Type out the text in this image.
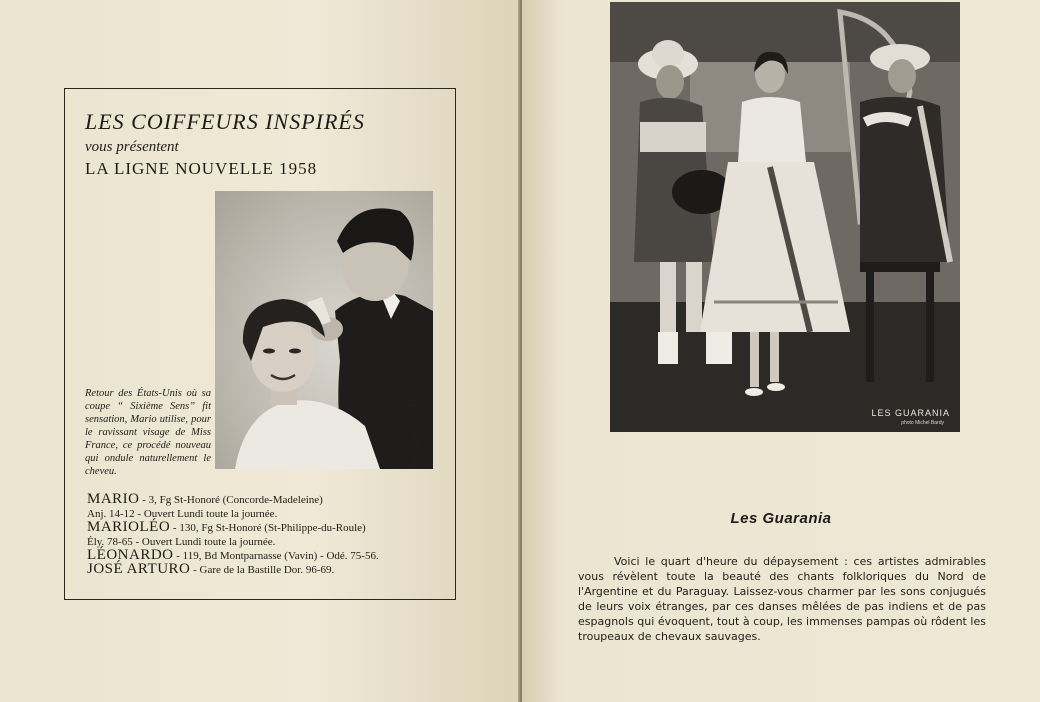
LES COIFFEURS INSPIRÉS
vous présentent
LA LIGNE NOUVELLE 1958
PHOTO J. STARA
Retour des États-Unis où sa coupe “ Sixième Sens” fit sensation, Mario utilise, pour le ravissant visage de Miss France, ce procédé nouveau qui ondule naturellement le cheveu.
MARIO - 3, Fg St-Honoré (Concorde-Madeleine)
Anj. 14-12 - Ouvert Lundi toute la journée.
MARIOLÉO - 130, Fg St-Honoré (St-Philippe-du-Roule)
Ély. 78-65 - Ouvert Lundi toute la journée.
LÉONARDO - 119, Bd Montparnasse (Vavin) - Odé. 75-56.
JOSÉ ARTURO - Gare de la Bastille Dor. 96-69.
LES GUARANIA
photo Michel Bardy
Les Guarania

Voici le quart d'heure du dépaysement : ces artistes admirables vous révèlent toute la beauté des chants folkloriques du Nord de l'Argentine et du Paraguay. Laissez-vous charmer par les sons conjugués de leurs voix étranges, par ces danses mêlées de pas indiens et de pas espagnols qui évoquent, tout à coup, les immenses pampas où rôdent les troupeaux de chevaux sauvages.
